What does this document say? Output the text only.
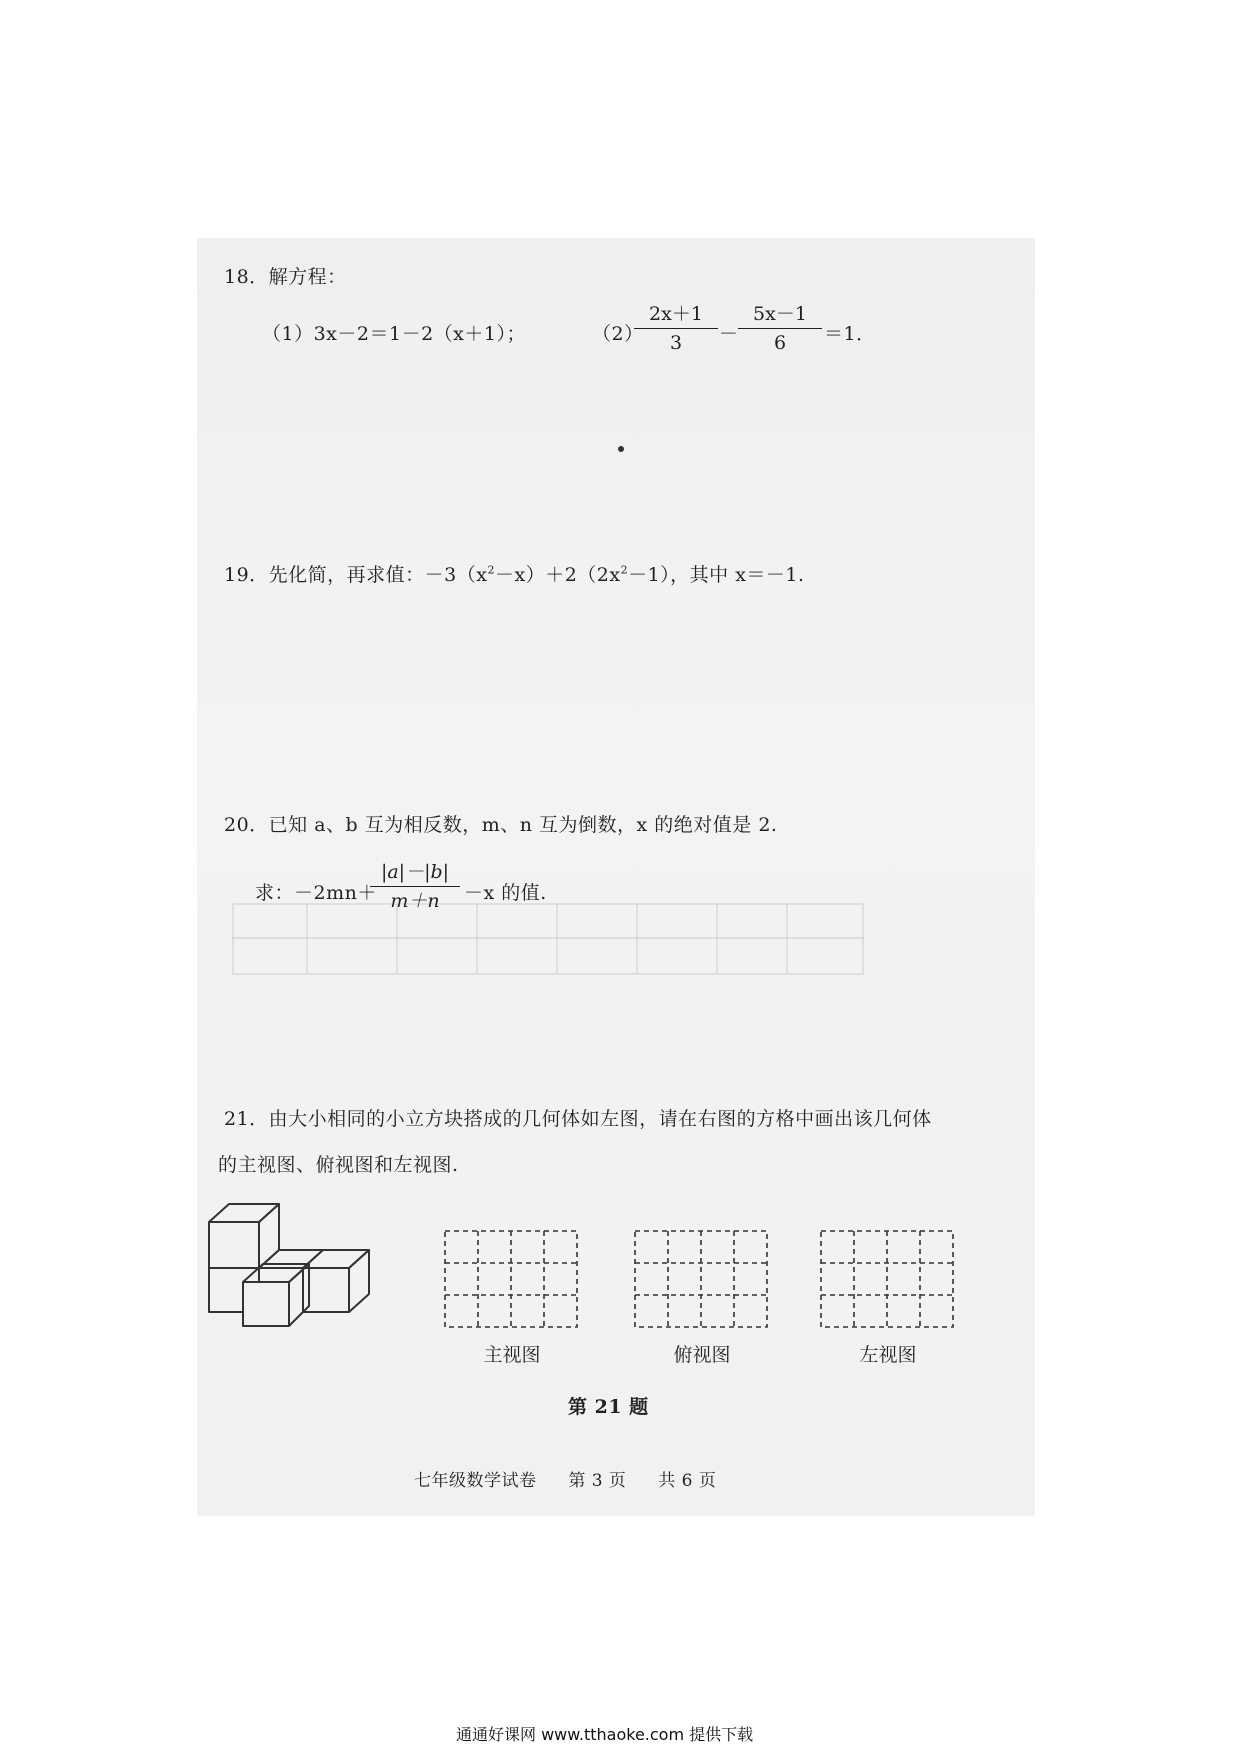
18．解方程：
（1）3x－2＝1－2（x＋1）；	（2）
2x＋1
3	－
5x－1
6	＝1．
19．先化简，再求值：$-3(x^2-x)+2(2x^2-1)$，其中 x＝－1.
20．已知 a、b 互为相反数，m、n 互为倒数，x 的绝对值是 2.
求：－2mn＋
|a|－|b|
m＋n	－x 的值.
21．由大小相同的小立方块搭成的几何体如左图，请在右图的方格中画出该几何体
的主视图、俯视图和左视图.
主视图	俯视图	左视图
第 21 题
七年级数学试卷 第 3 页 共 6 页
通通好课网 www.tthaoke.com 提供下载
